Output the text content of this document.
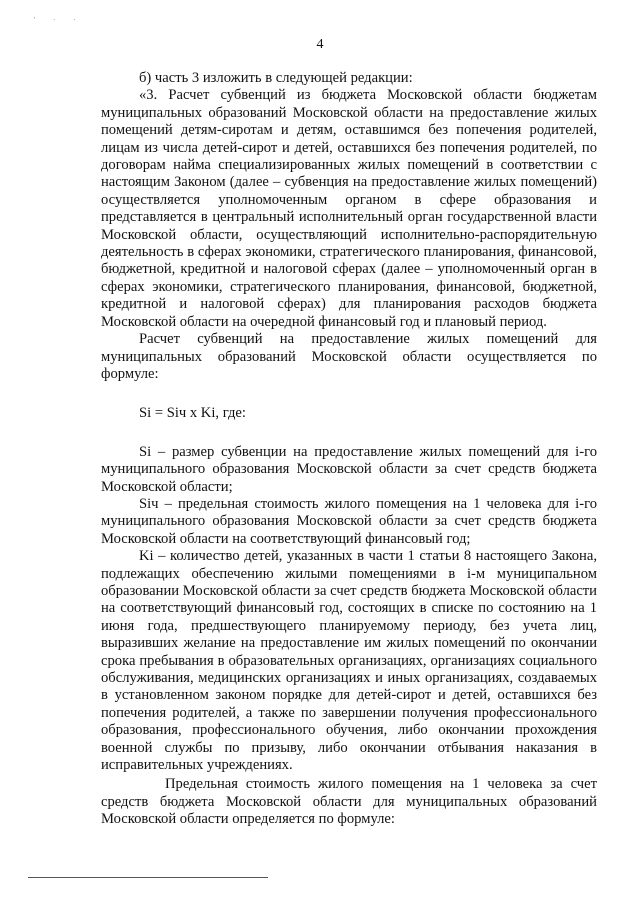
' · ·
4

б) часть 3 изложить в следующей редакции:

«3. Расчет субвенций из бюджета Московской области бюджетам муниципальных образований Московской области на предоставление жилых помещений детям-сиротам и детям, оставшимся без попечения родителей, лицам из числа детей-сирот и детей, оставшихся без попечения родителей, по договорам найма специализированных жилых помещений в соответствии с настоящим Законом (далее – субвенция на предоставление жилых помещений) осуществляется уполномоченным органом в сфере образования и представляется в центральный исполнительный орган государственной власти Московской области, осуществляющий исполнительно-распорядительную деятельность в сферах экономики, стратегического планирования, финансовой, бюджетной, кредитной и налоговой сферах (далее – уполномоченный орган в сферах экономики, стратегического планирования, финансовой, бюджетной, кредитной и налоговой сферах) для планирования расходов бюджета Московской области на очередной финансовый год и плановый период.

Расчет субвенций на предоставление жилых помещений для муниципальных образований Московской области осуществляется по формуле:

Si = Siч x Ki, где:

Si – размер субвенции на предоставление жилых помещений для i-го муниципального образования Московской области за счет средств бюджета Московской области;

Siч – предельная стоимость жилого помещения на 1 человека для i-го муниципального образования Московской области за счет средств бюджета Московской области на соответствующий финансовый год;

Ki – количество детей, указанных в части 1 статьи 8 настоящего Закона, подлежащих обеспечению жилыми помещениями в i-м муниципальном образовании Московской области за счет средств бюджета Московской области на соответствующий финансовый год, состоящих в списке по состоянию на 1 июня года, предшествующего планируемому периоду, без учета лиц, выразивших желание на предоставление им жилых помещений по окончании срока пребывания в образовательных организациях, организациях социального обслуживания, медицинских организациях и иных организациях, создаваемых в установленном законом порядке для детей-сирот и детей, оставшихся без попечения родителей, а также по завершении получения профессионального образования, профессионального обучения, либо окончании прохождения военной службы по призыву, либо окончании отбывания наказания в исправительных учреждениях.

Предельная стоимость жилого помещения на 1 человека за счет средств бюджета Московской области для муниципальных образований Московской области определяется по формуле:
